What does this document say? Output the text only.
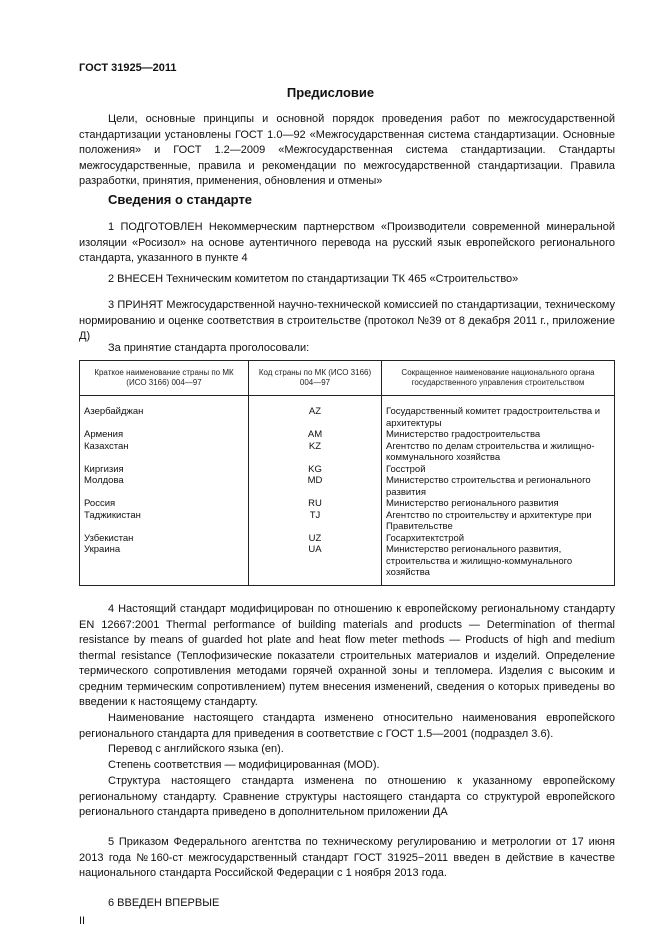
ГОСТ 31925—2011
Предисловие

Цели, основные принципы и основной порядок проведения работ по межгосударственной стандартизации установлены ГОСТ 1.0—92 «Межгосударственная система стандартизации. Основные положения» и ГОСТ 1.2—2009 «Межгосударственная система стандартизации. Стандарты межгосударственные, правила и рекомендации по межгосударственной стандартизации. Правила разработки, принятия, применения, обновления и отмены»

Сведения о стандарте

1 ПОДГОТОВЛЕН Некоммерческим партнерством «Производители современной минеральной изоляции «Росизол» на основе аутентичного перевода на русский язык европейского регионального стандарта, указанного в пункте 4

2 ВНЕСЕН Техническим комитетом по стандартизации ТК 465 «Строительство»

3 ПРИНЯТ Межгосударственной научно-технической комиссией по стандартизации, техническому нормированию и оценке соответствия в строительстве (протокол №39 от 8 декабря 2011 г., приложение Д)

За принятие стандарта проголосовали:

Краткое наименование страны по МК (ИСО 3166) 004—97	Код страны по МК (ИСО 3166) 004—97	Сокращенное наименование национального органа государственного управления строительством
Азербайджан	AZ	Государственный комитет градостроительства и архитектуры
Армения	AM	Министерство градостроительства
Казахстан	KZ	Агентство по делам строительства и жилищно-коммунального хозяйства
Киргизия	KG	Госстрой
Молдова	MD	Министерство строительства и регионального развития
Россия	RU	Министерство регионального развития
Таджикистан	TJ	Агентство по строительству и архитектуре при Правительстве
Узбекистан	UZ	Госархитектстрой
Украина	UA	Министерство регионального развития, строительства и жилищно-коммунального хозяйства

4 Настоящий стандарт модифицирован по отношению к европейскому региональному стандарту EN 12667:2001 Thermal performance of building materials and products — Determination of thermal resistance by means of guarded hot plate and heat flow meter methods — Products of high and medium thermal resistance (Теплофизические показатели строительных материалов и изделий. Определение термического сопротивления методами горячей охранной зоны и тепломера. Изделия с высоким и средним термическим сопротивлением) путем внесения изменений, сведения о которых приведены во введении к настоящему стандарту.

Наименование настоящего стандарта изменено относительно наименования европейского регионального стандарта для приведения в соответствие с ГОСТ 1.5—2001 (подраздел 3.6).

Перевод с английского языка (en).

Степень соответствия — модифицированная (MOD).

Структура настоящего стандарта изменена по отношению к указанному европейскому региональному стандарту. Сравнение структуры настоящего стандарта со структурой европейского регионального стандарта приведено в дополнительном приложении ДА

5 Приказом Федерального агентства по техническому регулированию и метрологии от 17 июня 2013 года №160-ст межгосударственный стандарт ГОСТ 31925−2011 введен в действие в качестве национального стандарта Российской Федерации с 1 ноября 2013 года.

6 ВВЕДЕН ВПЕРВЫЕ

II
